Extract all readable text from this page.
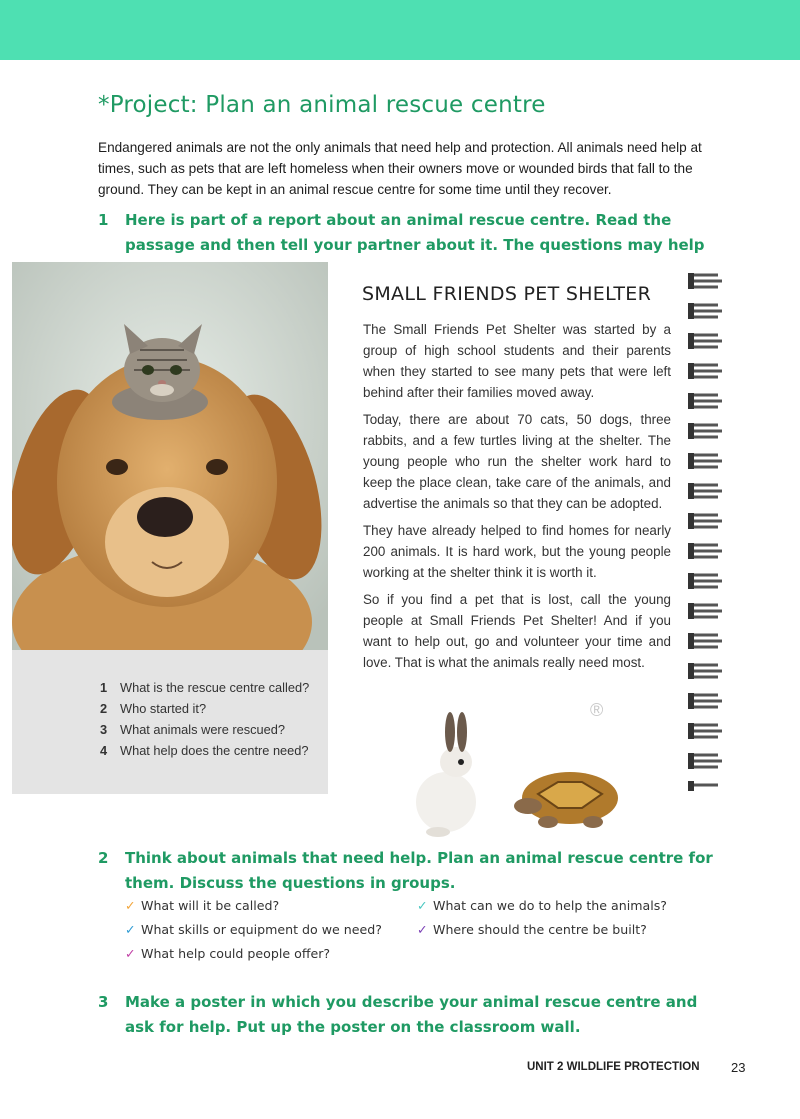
*Project: Plan an animal rescue centre
Endangered animals are not the only animals that need help and protection. All animals need help at times, such as pets that are left homeless when their owners move or wounded birds that fall to the ground. They can be kept in an animal rescue centre for some time until they recover.
1	Here is part of a report about an animal rescue centre. Read the passage and then tell your partner about it. The questions may help
SMALL FRIENDS PET SHELTER

The Small Friends Pet Shelter was started by a group of high school students and their parents when they started to see many pets that were left behind after their families moved away.

Today, there are about 70 cats, 50 dogs, three rabbits, and a few turtles living at the shelter. The young people who run the shelter work hard to keep the place clean, take care of the animals, and advertise the animals so that they can be adopted.

They have already helped to find homes for nearly 200 animals. It is hard work, but the young people working at the shelter think it is worth it.

So if you find a pet that is lost, call the young people at Small Friends Pet Shelter! And if you want to help out, go and volunteer your time and love. That is what the animals really need most.

1 What is the rescue centre called?
2 Who started it?
3 What animals were rescued?
4 What help does the centre need?
®
2	Think about animals that need help. Plan an animal rescue centre for them. Discuss the questions in groups.
✓ What will it be called?
✓ What skills or equipment do we need?
✓ What help could people offer?
✓ What can we do to help the animals?
✓ Where should the centre be built?
3	Make a poster in which you describe your animal rescue centre and ask for help. Put up the poster on the classroom wall.
UNIT 2 WILDLIFE PROTECTION 23
